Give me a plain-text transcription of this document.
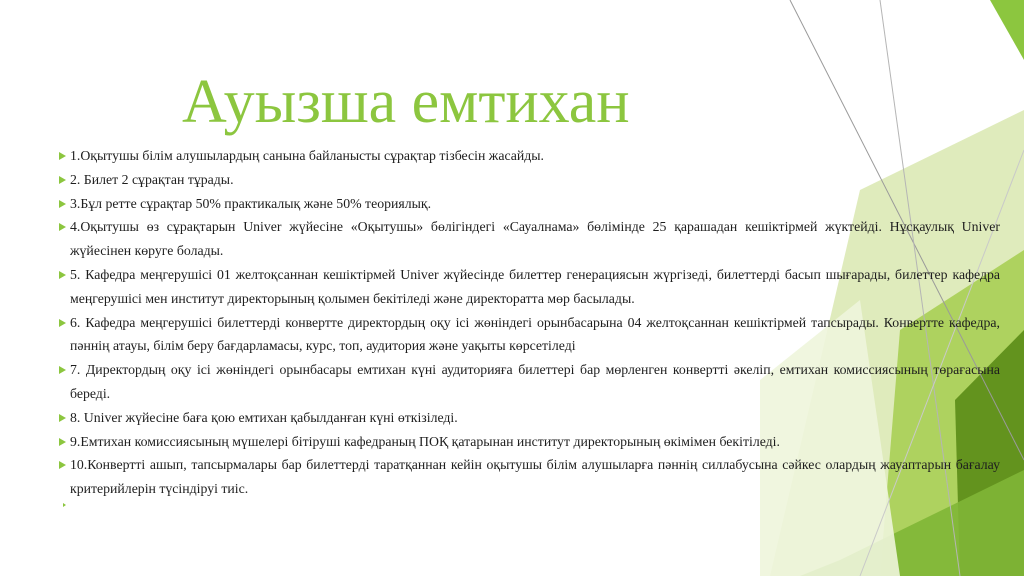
Ауызша емтихан
1.Оқытушы білім алушылардың санына байланысты сұрақтар тізбесін жасайды.
2. Билет 2 сұрақтан тұрады.
3.Бұл ретте сұрақтар 50% практикалық және 50% теориялық.
4.Оқытушы өз сұрақтарын Univer жүйесіне «Оқытушы» бөлігіндегі «Сауалнама» бөлімінде 25 қарашадан кешіктірмей жүктейді. Нұсқаулық Univer жүйесінен көруге болады.
5. Кафедра меңгерушісі 01 желтоқсаннан кешіктірмей Univer жүйесінде билеттер генерациясын жүргізеді, билеттерді басып шығарады, билеттер кафедра меңгерушісі мен институт директорының қолымен бекітіледі және директоратта мөр басылады.
6. Кафедра меңгерушісі билеттерді конвертте директордың оқу ісі жөніндегі орынбасарына 04 желтоқсаннан кешіктірмей тапсырады. Конвертте кафедра, пәннің атауы, білім беру бағдарламасы, курс, топ, аудитория және уақыты көрсетіледі
7. Директордың оқу ісі жөніндегі орынбасары емтихан күні аудиторияға билеттері бар мөрленген конвертті әкеліп, емтихан комиссиясының төрағасына береді.
8. Univer жүйесіне баға қою емтихан қабылданған күні өткізіледі.
9.Емтихан комиссиясының мүшелері бітіруші кафедраның ПОҚ қатарынан институт директорының өкімімен бекітіледі.
10.Конвертті ашып, тапсырмалары бар билеттерді таратқаннан кейін оқытушы білім алушыларға пәннің силлабусына сәйкес олардың жауаптарын бағалау критерийлерін түсіндіруі тиіс.
